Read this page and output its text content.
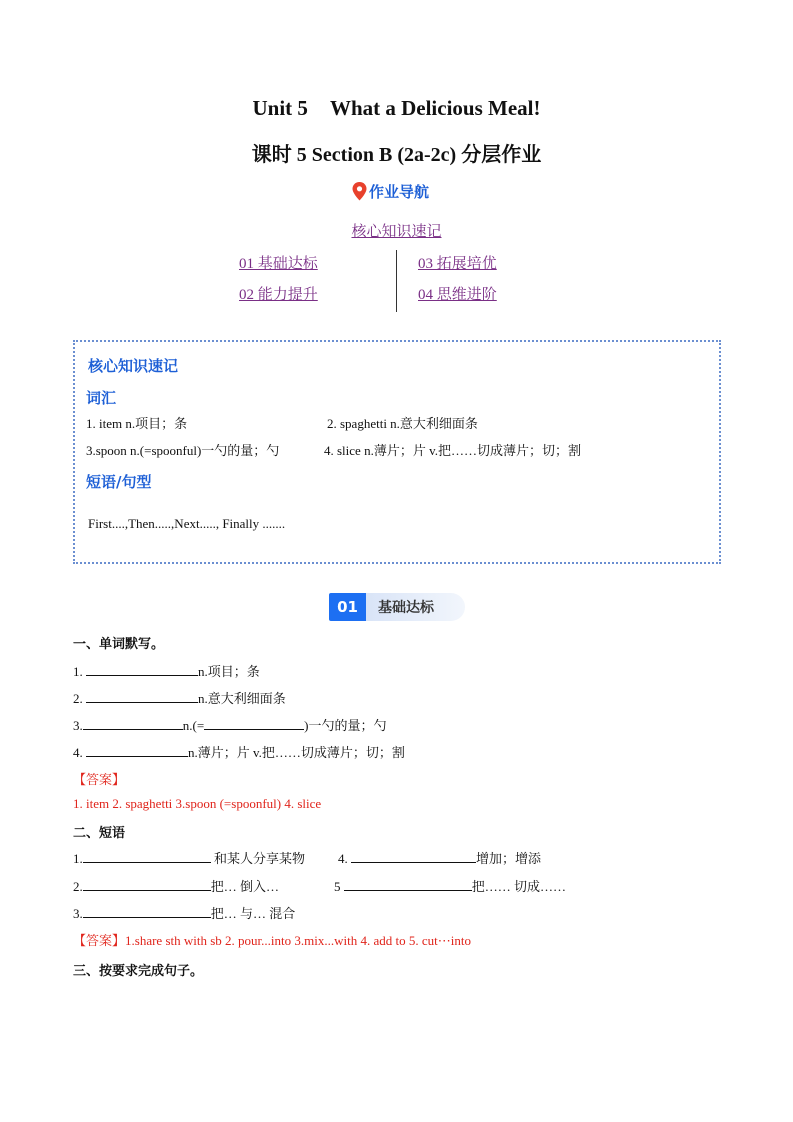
Unit 5 What a Delicious Meal!
课时 5 Section B (2a-2c) 分层作业
作业导航
核心知识速记
01 基础达标	03 拓展培优
02 能力提升	04 思维进阶
核心知识速记
词汇
1. item n.项目；条	2. spaghetti n.意大利细面条
3.spoon n.(=spoonful)一勺的量；勺	4. slice n.薄片；片 v.把……切成薄片；切；割
短语/句型
First....,Then.....,Next....., Finally .......
01	基础达标
一、单词默写。
1.	n.项目；条
2.	n.意大利细面条
3.	n.(=	)一勺的量；勺
4.	n.薄片；片 v.把……切成薄片；切；割
【答案】
1. item 2. spaghetti 3.spoon (=spoonful) 4. slice
二、短语
1.	和某人分享某物	4.	增加；增添
2.	把… 倒入…	5	把…… 切成……
3.	把… 与… 混合
【答案】1.share sth with sb 2. pour...into 3.mix...with 4. add to 5. cut⋯into
三、按要求完成句子。
